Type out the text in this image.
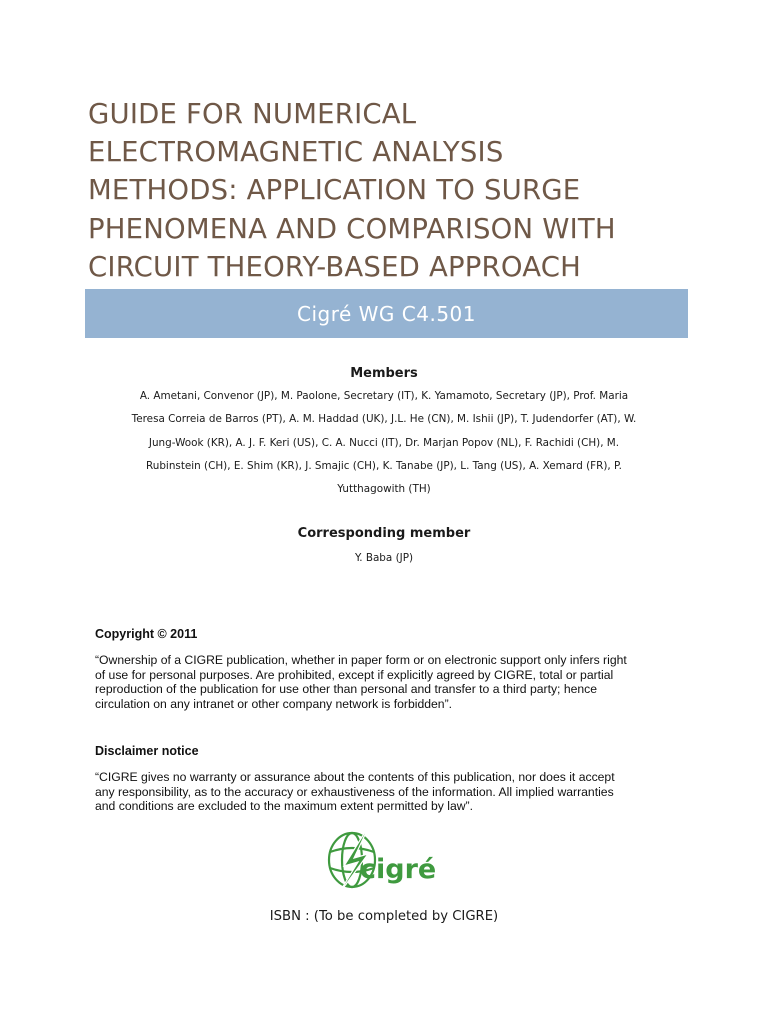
GUIDE FOR NUMERICAL
ELECTROMAGNETIC ANALYSIS
METHODS: APPLICATION TO SURGE
PHENOMENA AND COMPARISON WITH
CIRCUIT THEORY-BASED APPROACH
Cigré WG C4.501
Members
A. Ametani, Convenor (JP), M. Paolone, Secretary (IT), K. Yamamoto, Secretary (JP), Prof. Maria
Teresa Correia de Barros (PT), A. M. Haddad (UK), J.L. He (CN), M. Ishii (JP), T. Judendorfer (AT), W.
Jung-Wook (KR), A. J. F. Keri (US), C. A. Nucci (IT), Dr. Marjan Popov (NL), F. Rachidi (CH), M.
Rubinstein (CH), E. Shim (KR), J. Smajic (CH), K. Tanabe (JP), L. Tang (US), A. Xemard (FR), P.
Yutthagowith (TH)
Corresponding member
Y. Baba (JP)
Copyright © 2011
“Ownership of a CIGRE publication, whether in paper form or on electronic support only infers right
of use for personal purposes. Are prohibited, except if explicitly agreed by CIGRE, total or partial
reproduction of the publication for use other than personal and transfer to a third party; hence
circulation on any intranet or other company network is forbidden”.
Disclaimer notice
“CIGRE gives no warranty or assurance about the contents of this publication, nor does it accept
any responsibility, as to the accuracy or exhaustiveness of the information. All implied warranties
and conditions are excluded to the maximum extent permitted by law”.
cigré
ISBN : (To be completed by CIGRE)
